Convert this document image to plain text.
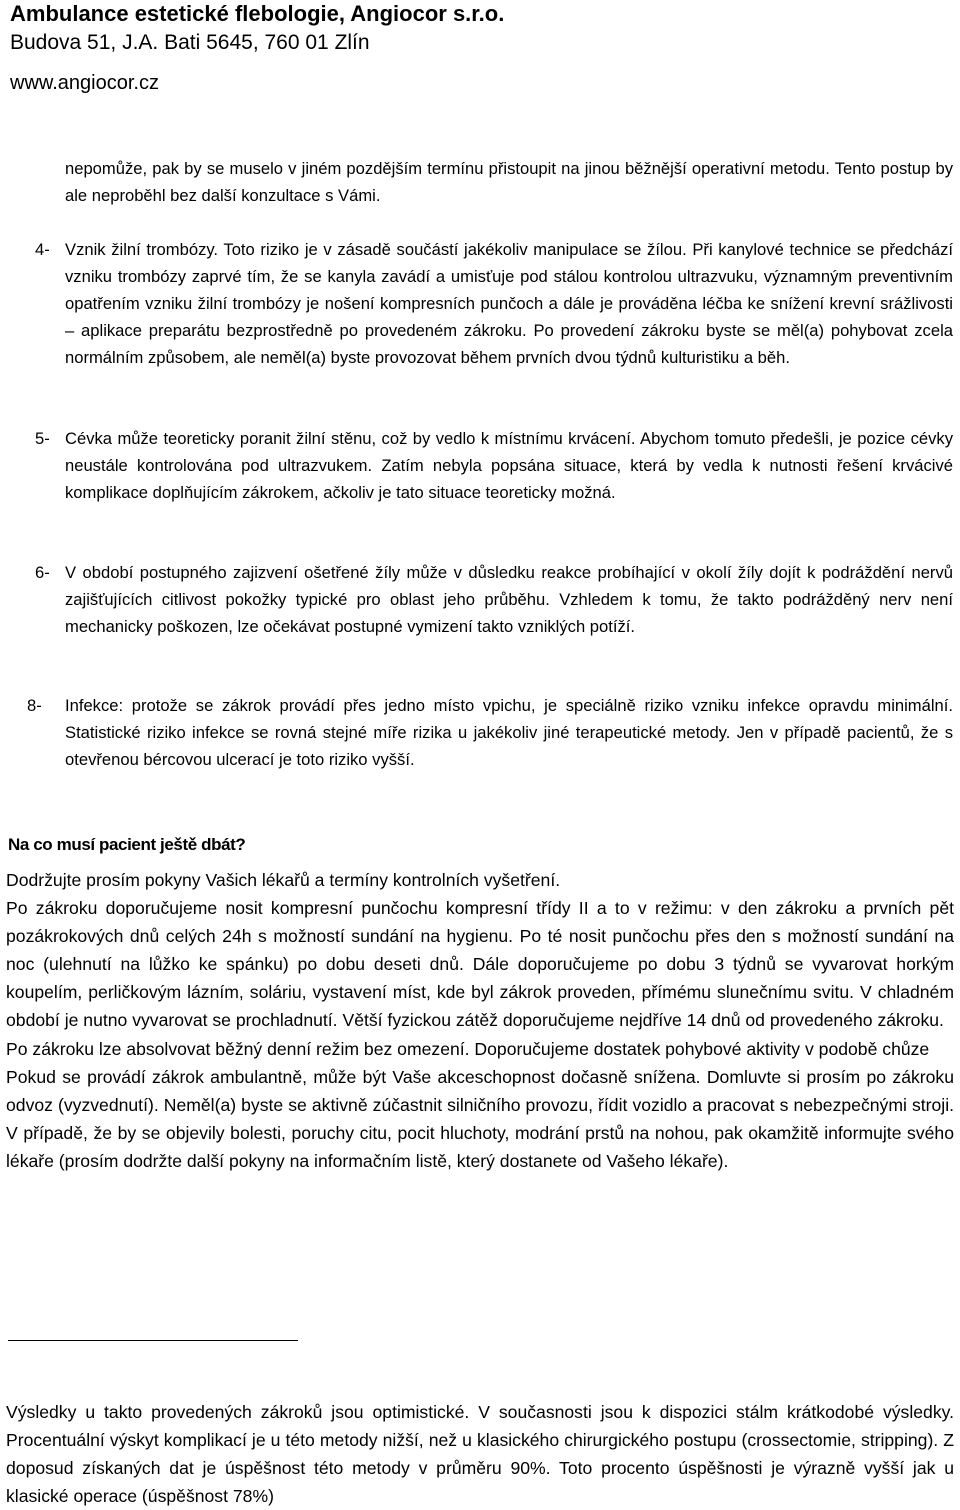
Ambulance estetické flebologie, Angiocor s.r.o.

Budova 51, J.A. Bati 5645, 760 01 Zlín

www.angiocor.cz

nepomůže, pak by se muselo v jiném pozdějším termínu přistoupit na jinou běžnější operativní metodu. Tento postup by ale neproběhl bez další konzultace s Vámi.
4- Vznik žilní trombózy. Toto riziko je v zásadě součástí jakékoliv manipulace se žílou. Při kanylové technice se předchází vzniku trombózy zaprvé tím, že se kanyla zavádí a umisťuje pod stálou kontrolou ultrazvuku, významným preventivním opatřením vzniku žilní trombózy je nošení kompresních punčoch a dále je prováděna léčba ke snížení krevní srážlivosti – aplikace preparátu bezprostředně po provedeném zákroku. Po provedení zákroku byste se měl(a) pohybovat zcela normálním způsobem, ale neměl(a) byste provozovat během prvních dvou týdnů kulturistiku a běh.
5- Cévka může teoreticky poranit žilní stěnu, což by vedlo k místnímu krvácení. Abychom tomuto předešli, je pozice cévky neustále kontrolována pod ultrazvukem. Zatím nebyla popsána situace, která by vedla k nutnosti řešení krvácivé komplikace doplňujícím zákrokem, ačkoliv je tato situace teoreticky možná.
6- V období postupného zajizvení ošetřené žíly může v důsledku reakce probíhající v okolí žíly dojít k podráždění nervů zajišťujících citlivost pokožky typické pro oblast jeho průběhu. Vzhledem k tomu, že takto podrážděný nerv není mechanicky poškozen, lze očekávat postupné vymizení takto vzniklých potíží.
8- Infekce: protože se zákrok provádí přes jedno místo vpichu, je speciálně riziko vzniku infekce opravdu minimální. Statistické riziko infekce se rovná stejné míře rizika u jakékoliv jiné terapeutické metody. Jen v případě pacientů, že s otevřenou bércovou ulcerací je toto riziko vyšší.
Na co musí pacient ještě dbát?

Dodržujte prosím pokyny Vašich lékařů a termíny kontrolních vyšetření.

Po zákroku doporučujeme nosit kompresní punčochu kompresní třídy II a to v režimu: v den zákroku a prvních pět pozákrokových dnů celých 24h s možností sundání na hygienu. Po té nosit punčochu přes den s možností sundání na noc (ulehnutí na lůžko ke spánku) po dobu deseti dnů. Dále doporučujeme po dobu 3 týdnů se vyvarovat horkým koupelím, perličkovým lázním, soláriu, vystavení míst, kde byl zákrok proveden, přímému slunečnímu svitu. V chladném období je nutno vyvarovat se prochladnutí. Větší fyzickou zátěž doporučujeme nejdříve 14 dnů od provedeného zákroku.

Po zákroku lze absolvovat běžný denní režim bez omezení. Doporučujeme dostatek pohybové aktivity v podobě chůze

Pokud se provádí zákrok ambulantně, může být Vaše akceschopnost dočasně snížena. Domluvte si prosím po zákroku odvoz (vyzvednutí). Neměl(a) byste se aktivně zúčastnit silničního provozu, řídit vozidlo a pracovat s nebezpečnými stroji. V případě, že by se objevily bolesti, poruchy citu, pocit hluchoty, modrání prstů na nohou, pak okamžitě informujte svého lékaře (prosím dodržte další pokyny na informačním listě, který dostanete od Vašeho lékaře).

Výsledky u takto provedených zákroků jsou optimistické. V současnosti jsou k dispozici stálm krátkodobé výsledky. Procentuální výskyt komplikací je u této metody nižší, než u klasického chirurgického postupu (crossectomie, stripping). Z doposud získaných dat je úspěšnost této metody v průměru 90%. Toto procento úspěšnosti je výrazně vyšší jak u klasické operace (úspěšnost 78%)
